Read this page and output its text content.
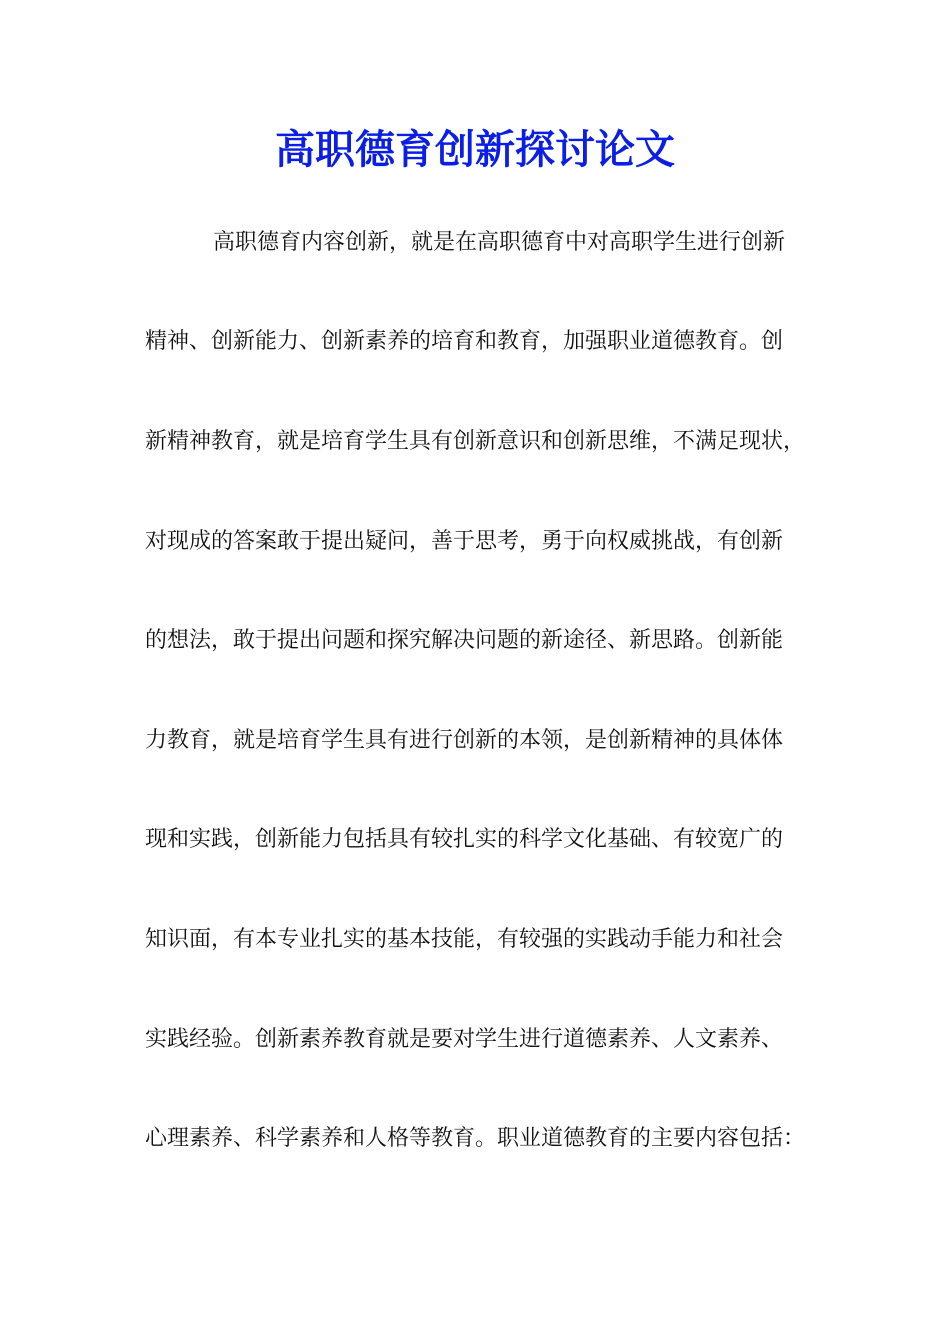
高职德育创新探讨论文

高职德育内容创新，就是在高职德育中对高职学生进行创新

精神、创新能力、创新素养的培育和教育，加强职业道德教育。创

新精神教育，就是培育学生具有创新意识和创新思维，不满足现状，

对现成的答案敢于提出疑问，善于思考，勇于向权威挑战，有创新

的想法，敢于提出问题和探究解决问题的新途径、新思路。创新能

力教育，就是培育学生具有进行创新的本领，是创新精神的具体体

现和实践，创新能力包括具有较扎实的科学文化基础、有较宽广的

知识面，有本专业扎实的基本技能，有较强的实践动手能力和社会

实践经验。创新素养教育就是要对学生进行道德素养、人文素养、

心理素养、科学素养和人格等教育。职业道德教育的主要内容包括：
